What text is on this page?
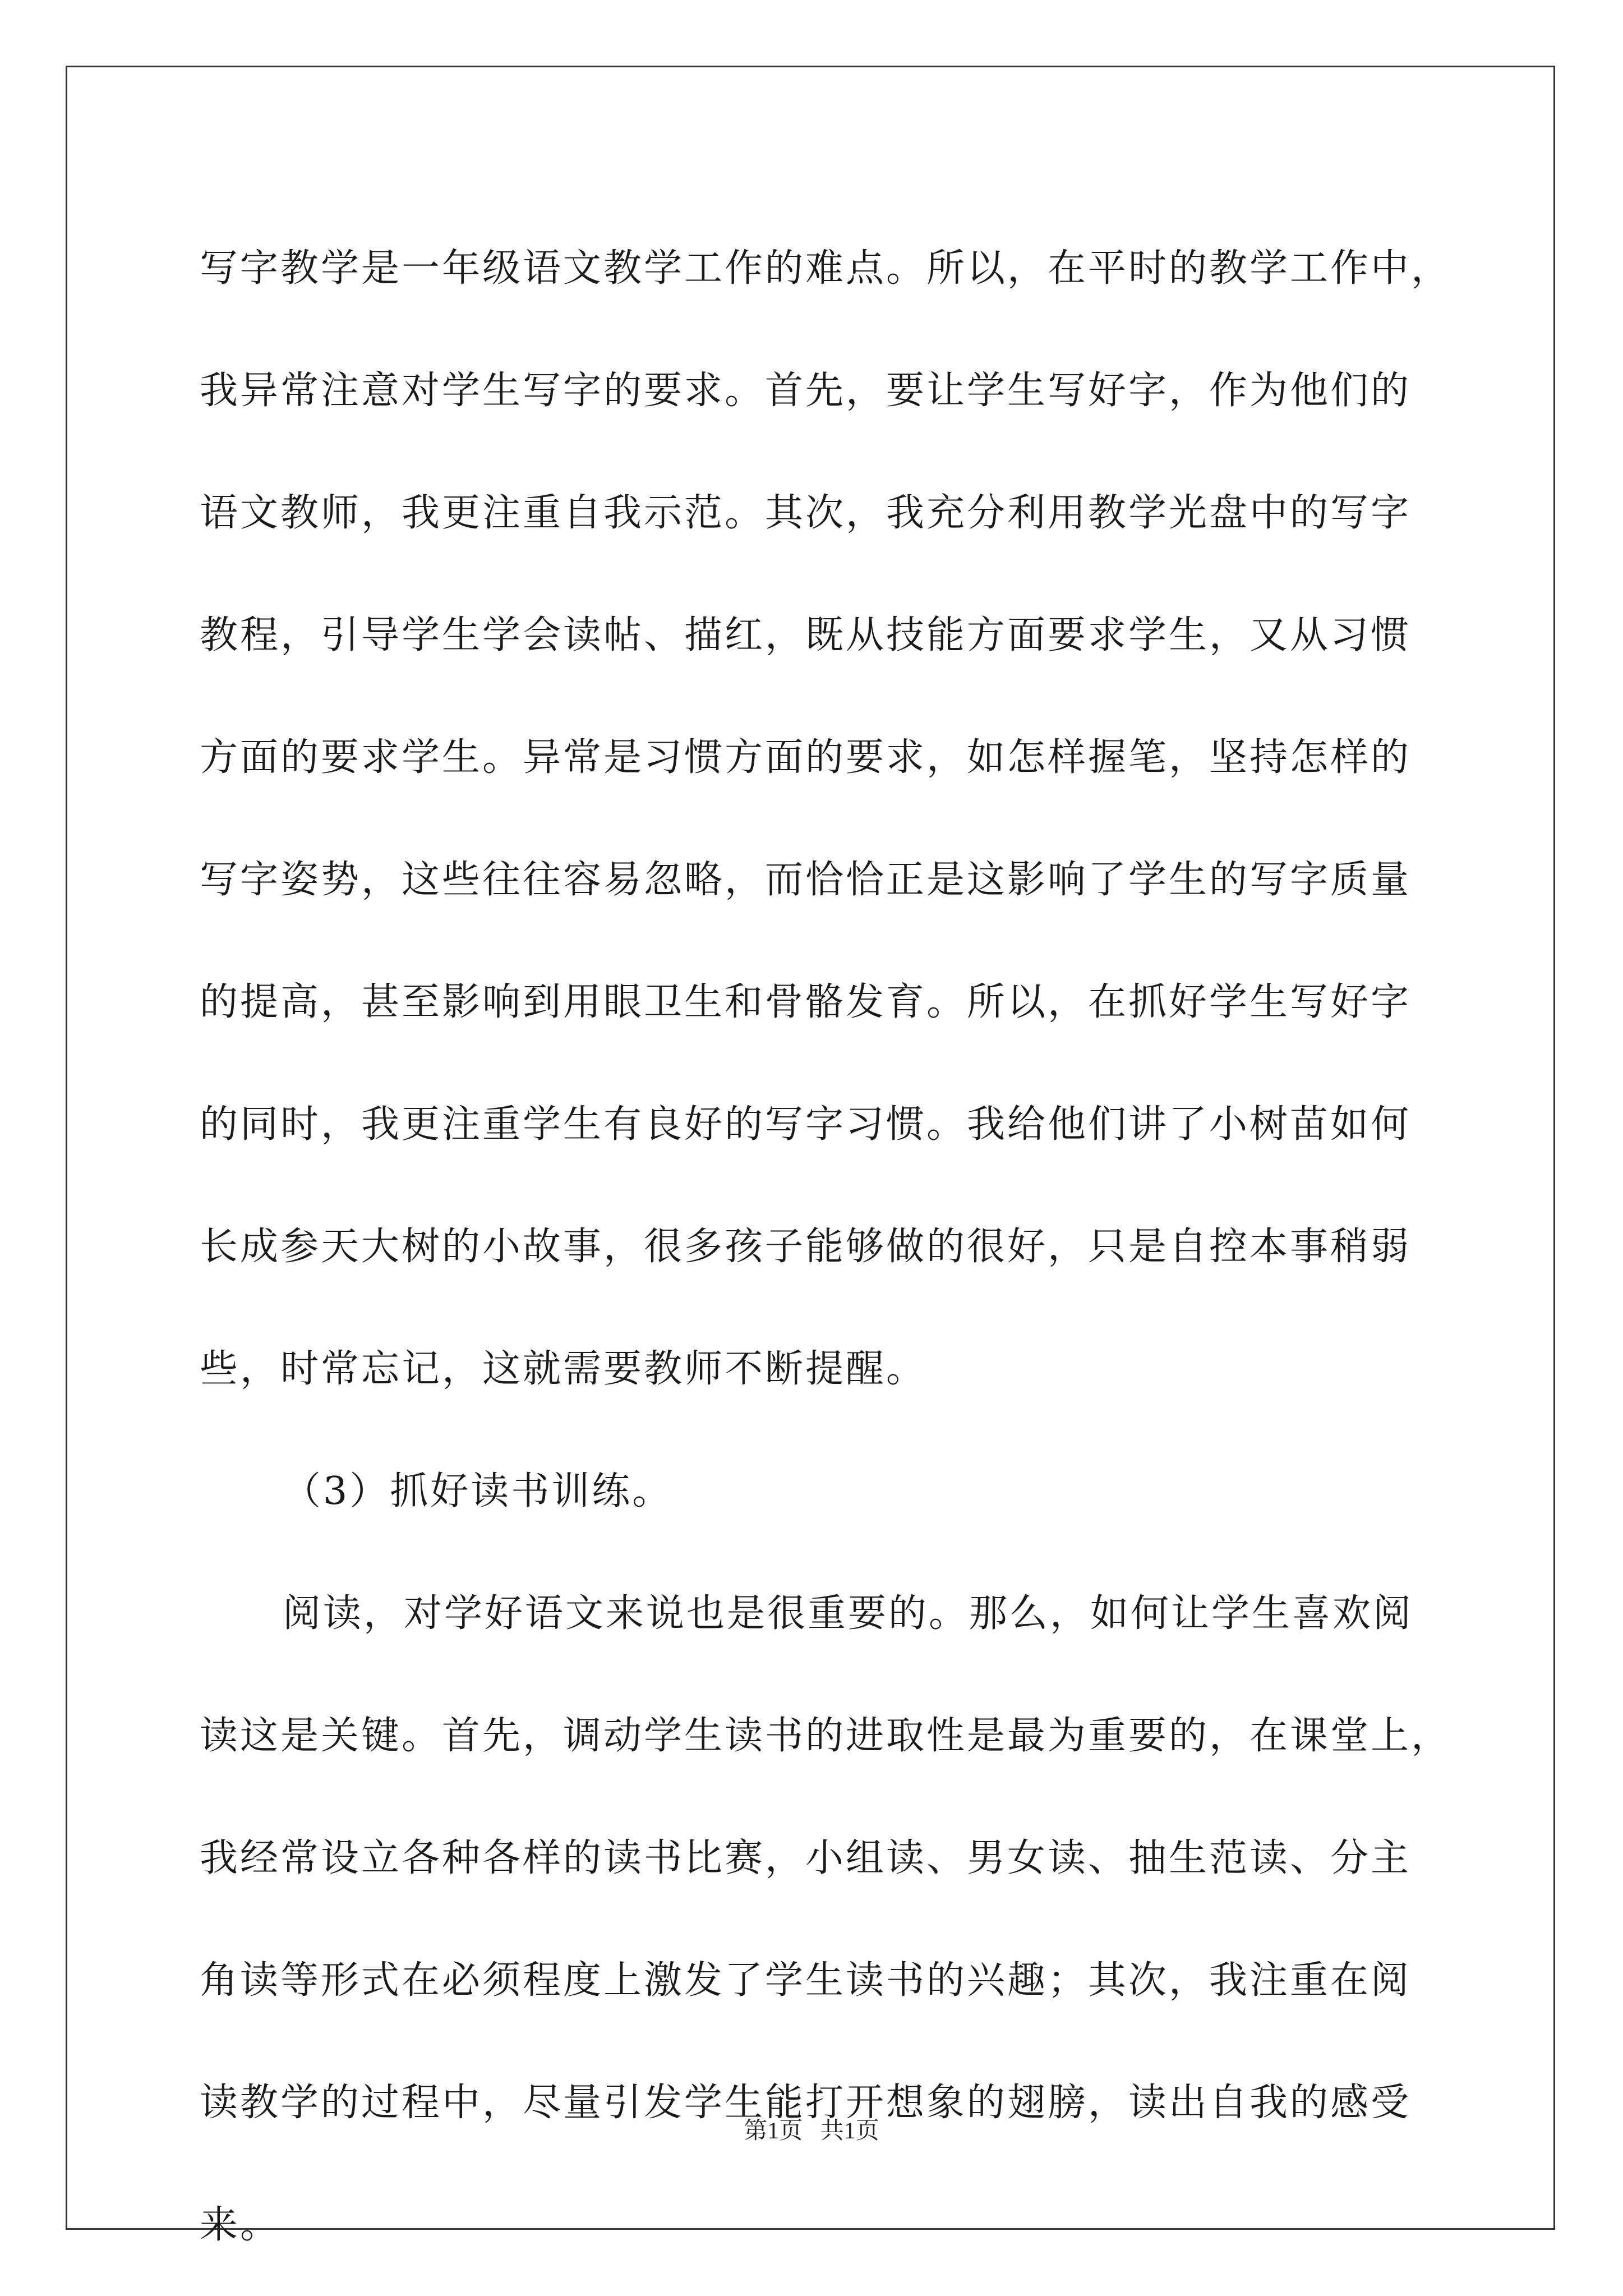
写字教学是一年级语文教学工作的难点。所以，在平时的教学工作中，
我异常注意对学生写字的要求。首先，要让学生写好字，作为他们的
语文教师，我更注重自我示范。其次，我充分利用教学光盘中的写字
教程，引导学生学会读帖、描红，既从技能方面要求学生，又从习惯
方面的要求学生。异常是习惯方面的要求，如怎样握笔，坚持怎样的
写字姿势，这些往往容易忽略，而恰恰正是这影响了学生的写字质量
的提高，甚至影响到用眼卫生和骨骼发育。所以，在抓好学生写好字
的同时，我更注重学生有良好的写字习惯。我给他们讲了小树苗如何
长成参天大树的小故事，很多孩子能够做的很好，只是自控本事稍弱
些，时常忘记，这就需要教师不断提醒。
（3）抓好读书训练。
阅读，对学好语文来说也是很重要的。那么，如何让学生喜欢阅
读这是关键。首先，调动学生读书的进取性是最为重要的，在课堂上，
我经常设立各种各样的读书比赛，小组读、男女读、抽生范读、分主
角读等形式在必须程度上激发了学生读书的兴趣；其次，我注重在阅
读教学的过程中，尽量引发学生能打开想象的翅膀，读出自我的感受
来。
第1页   共1页
